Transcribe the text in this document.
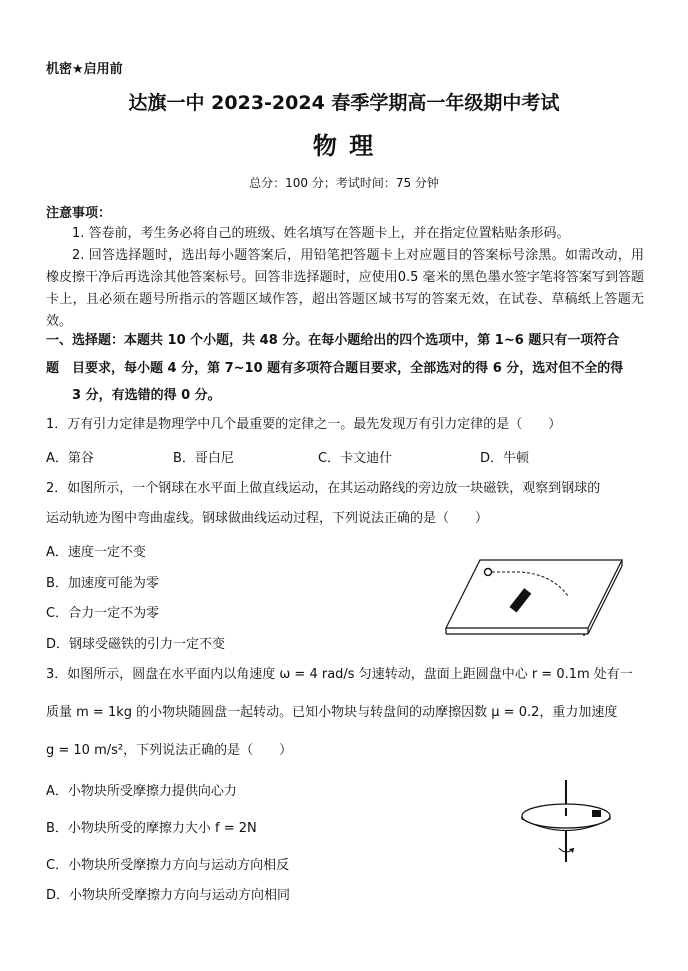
机密★启用前
达旗一中 2023-2024 春季学期高一年级期中考试
物 理
总分：100 分；考试时间：75 分钟
注意事项：
1. 答卷前，考生务必将自己的班级、姓名填写在答题卡上，并在指定位置粘贴条形码。
2. 回答选择题时，选出每小题答案后，用铅笔把答题卡上对应题目的答案标号涂黑。如需改动，用橡皮擦干净后再选涂其他答案标号。回答非选择题时，应使用0.5 毫米的黑色墨水签字笔将答案写到答题卡上，且必须在题号所指示的答题区域作答，超出答题区域书写的答案无效，在试卷、草稿纸上答题无效。
一、选择题：本题共 10 个小题，共 48 分。在每小题给出的四个选项中，第 1~6 题只有一项符合
题　目要求，每小题 4 分，第 7~10 题有多项符合题目要求，全部选对的得 6 分，选对但不全的得
3 分，有选错的得 0 分。
1．万有引力定律是物理学中几个最重要的定律之一。最先发现万有引力定律的是（　　）
A．第谷	B．哥白尼	C．卡文迪什	D．牛顿
2．如图所示，一个钢球在水平面上做直线运动，在其运动路线的旁边放一块磁铁，观察到钢球的
运动轨迹为图中弯曲虚线。钢球做曲线运动过程，下列说法正确的是（　　）
A．速度一定不变
B．加速度可能为零
C．合力一定不为零
D．钢球受磁铁的引力一定不变
3．如图所示，圆盘在水平面内以角速度 ω = 4 rad/s 匀速转动，盘面上距圆盘中心 r = 0.1m 处有一
质量 m = 1kg 的小物块随圆盘一起转动。已知小物块与转盘间的动摩擦因数 μ = 0.2，重力加速度
g = 10 m/s²，下列说法正确的是（　　）
A．小物块所受摩擦力提供向心力
B．小物块所受的摩擦力大小 f = 2N
C．小物块所受摩擦力方向与运动方向相反
D．小物块所受摩擦力方向与运动方向相同
